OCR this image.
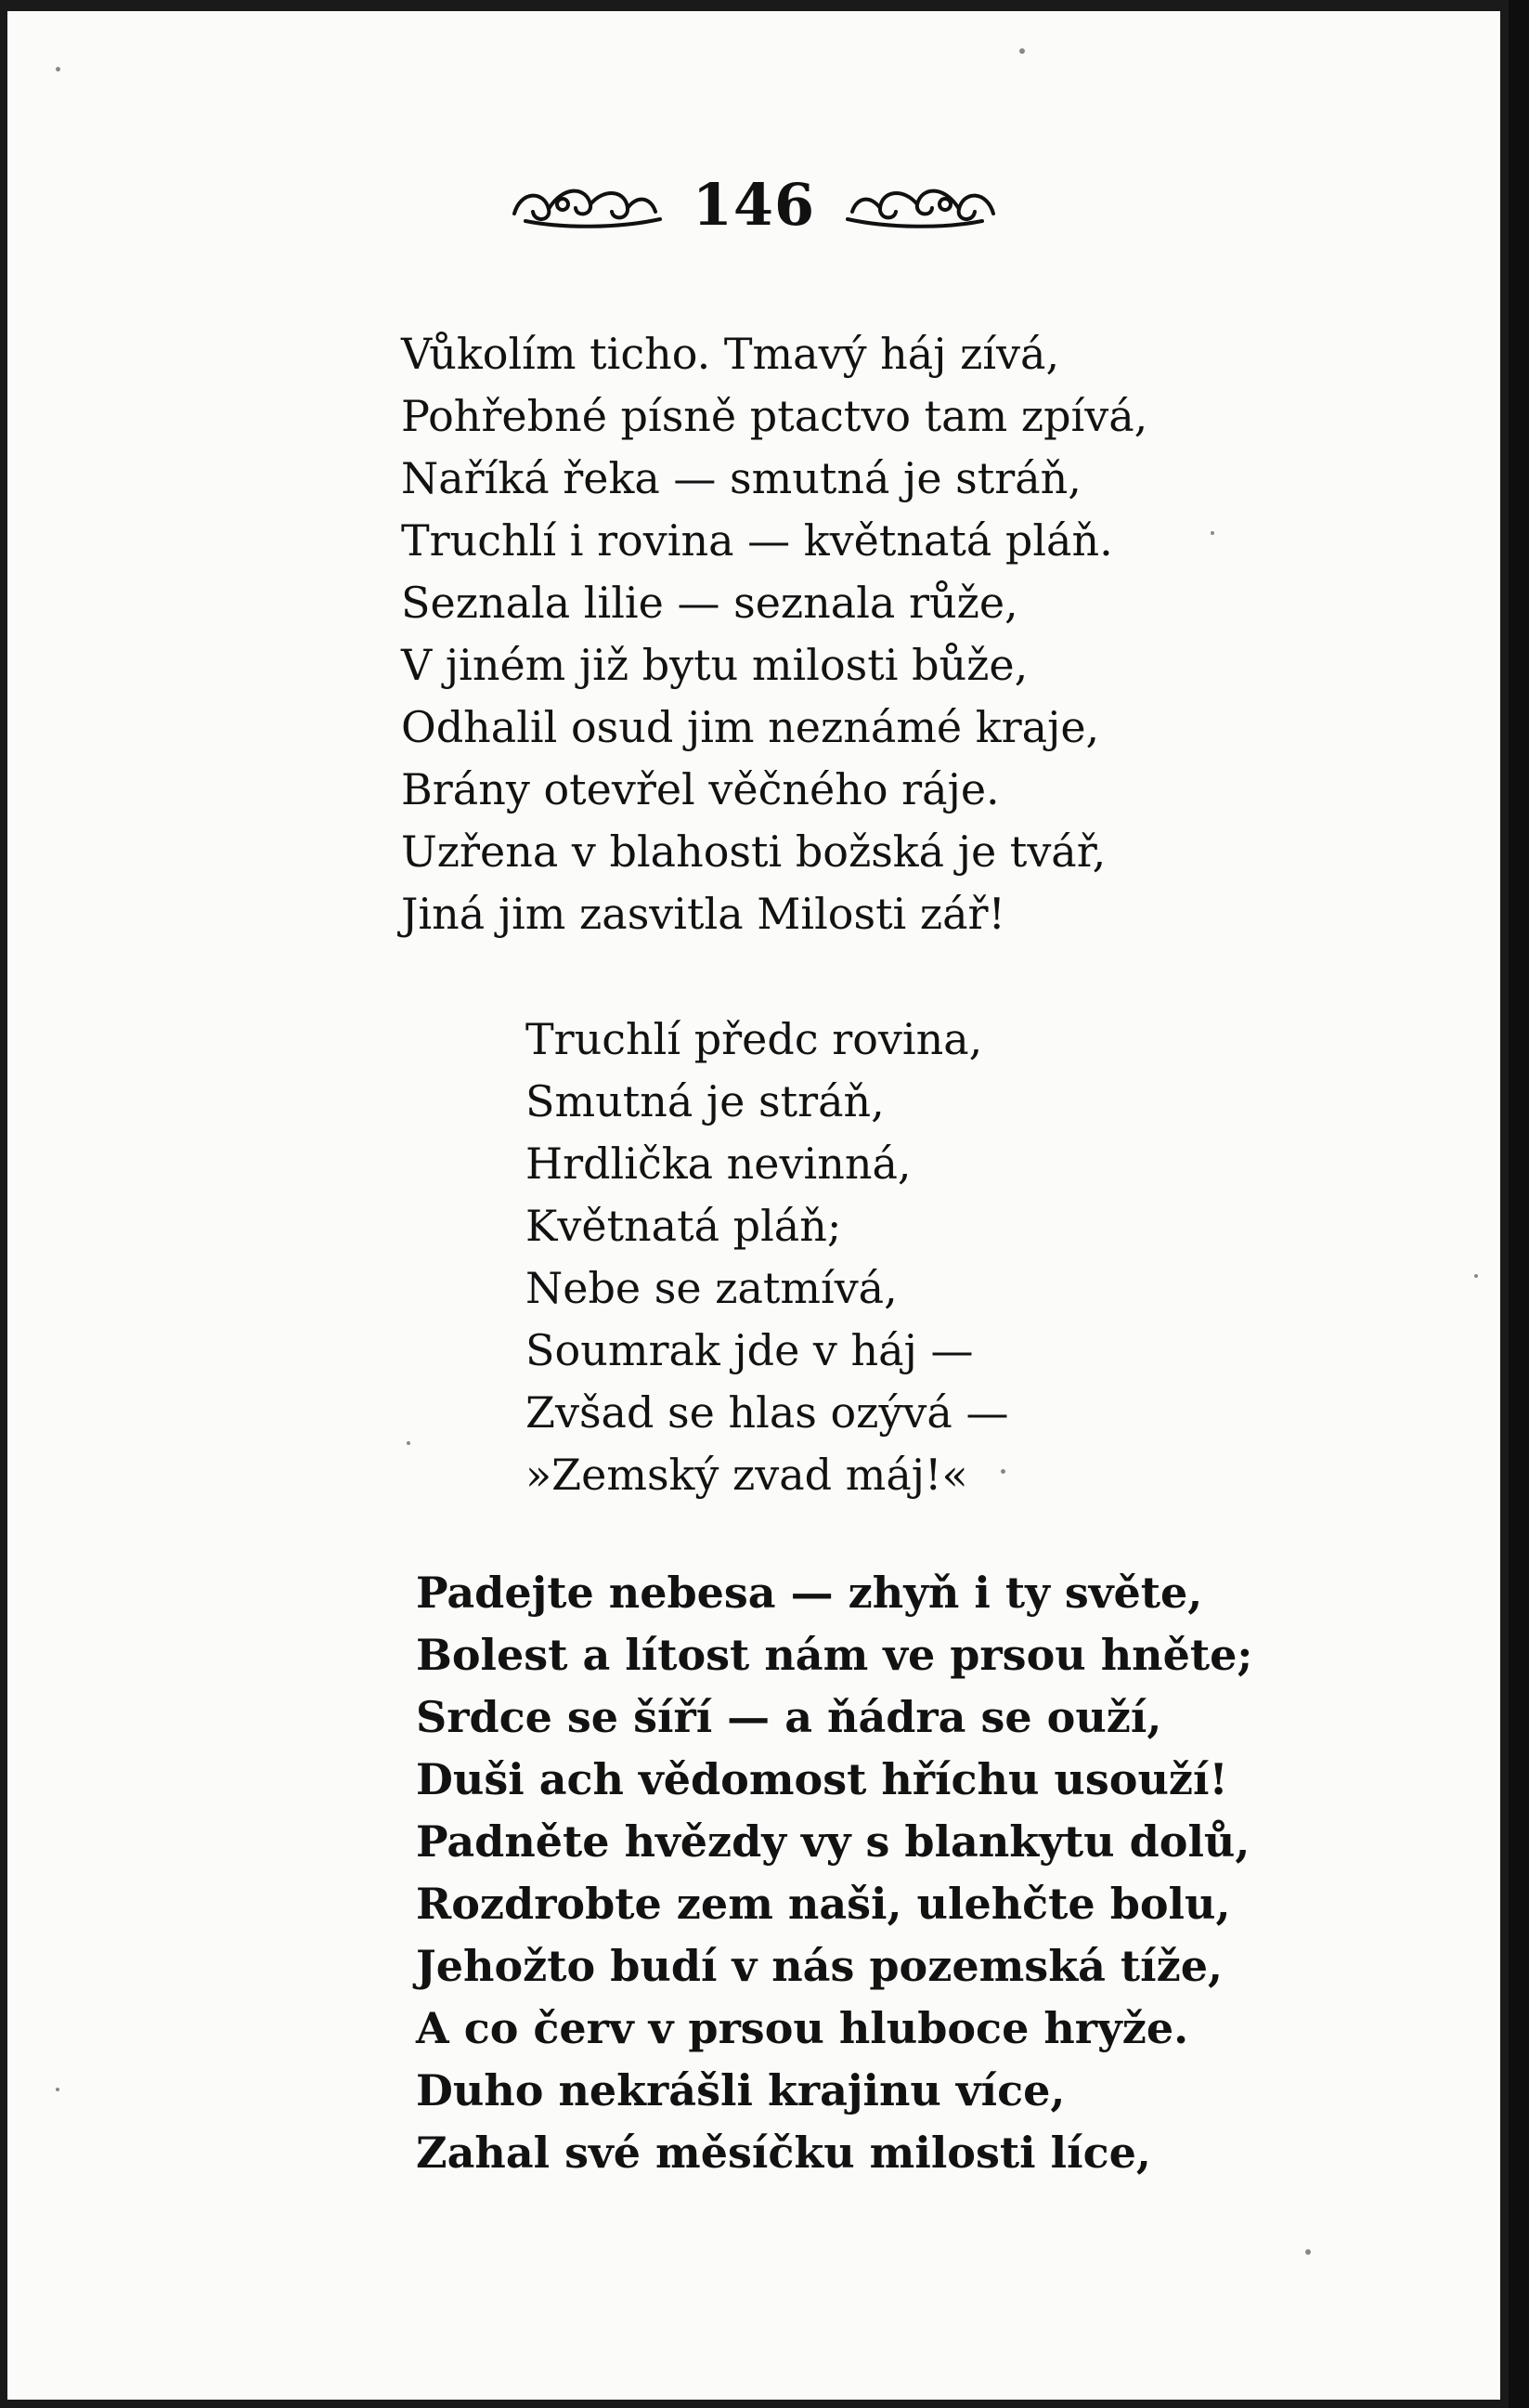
146
Vůkolím ticho. Tmavý háj zívá,
Pohřebné písně ptactvo tam zpívá,
Naříká řeka — smutná je stráň,
Truchlí i rovina — květnatá pláň.
Seznala lilie — seznala růže,
V jiném již bytu milosti bůže,
Odhalil osud jim neznámé kraje,
Brány otevřel věčného ráje.
Uzřena v blahosti božská je tvář,
Jiná jim zasvitla Milosti zář!
Truchlí předc rovina,
Smutná je stráň,
Hrdlička nevinná,
Květnatá pláň;
Nebe se zatmívá,
Soumrak jde v háj —
Zvšad se hlas ozývá —
»Zemský zvad máj!«
Padejte nebesa — zhyň i ty světe,
Bolest a lítost nám ve prsou hněte;
Srdce se šíří — a ňádra se ouží,
Duši ach vědomost hříchu usouží!
Padněte hvězdy vy s blankytu dolů,
Rozdrobte zem naši, ulehčte bolu,
Jehožto budí v nás pozemská tíže,
A co červ v prsou hluboce hryže.
Duho nekrášli krajinu více,
Zahal své měsíčku milosti líce,
